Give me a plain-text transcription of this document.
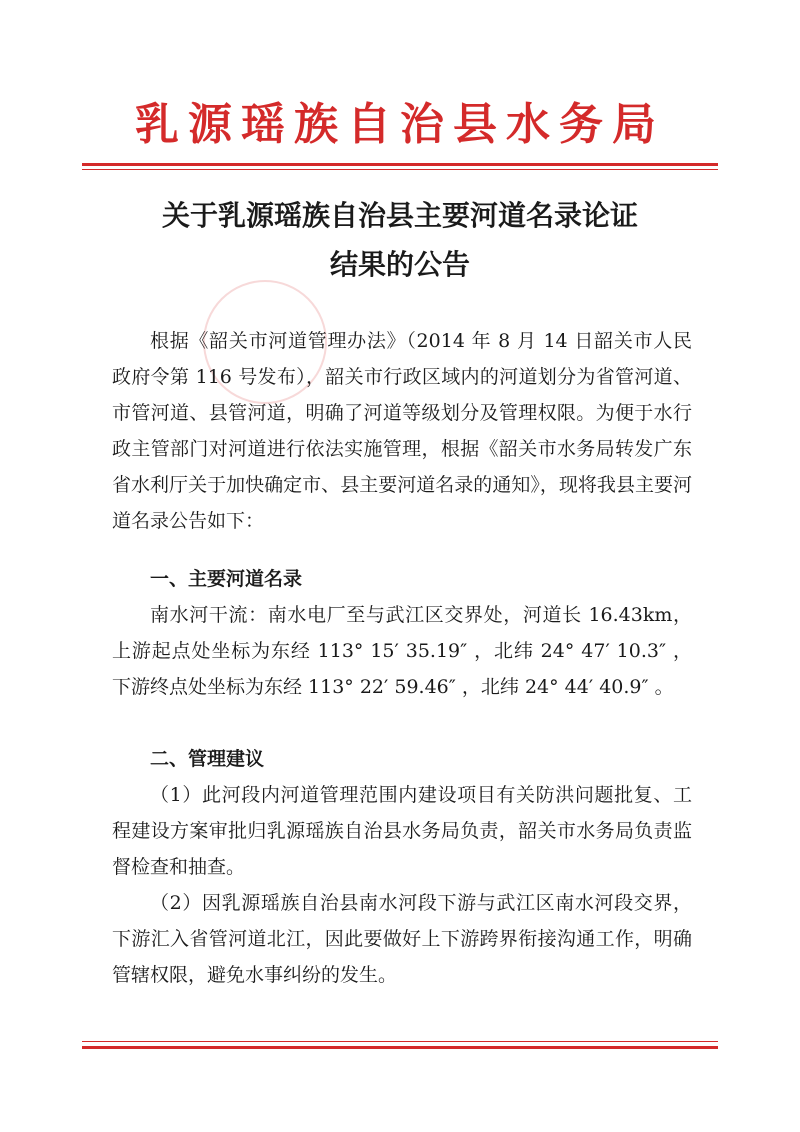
乳源瑶族自治县水务局
关于乳源瑶族自治县主要河道名录论证
结果的公告

根据《韶关市河道管理办法》（2014 年 8 月 14 日韶关市人民政府令第 116 号发布），韶关市行政区域内的河道划分为省管河道、市管河道、县管河道，明确了河道等级划分及管理权限。为便于水行政主管部门对河道进行依法实施管理，根据《韶关市水务局转发广东省水利厅关于加快确定市、县主要河道名录的通知》，现将我县主要河道名录公告如下：

一、主要河道名录

南水河干流：南水电厂至与武江区交界处，河道长 16.43km，上游起点处坐标为东经 113° 15′ 35.19″ ，北纬 24° 47′ 10.3″ ，下游终点处坐标为东经 113° 22′ 59.46″ ，北纬 24° 44′ 40.9″ 。

二、管理建议

（1）此河段内河道管理范围内建设项目有关防洪问题批复、工程建设方案审批归乳源瑶族自治县水务局负责，韶关市水务局负责监督检查和抽查。

（2）因乳源瑶族自治县南水河段下游与武江区南水河段交界，下游汇入省管河道北江，因此要做好上下游跨界衔接沟通工作，明确管辖权限，避免水事纠纷的发生。
